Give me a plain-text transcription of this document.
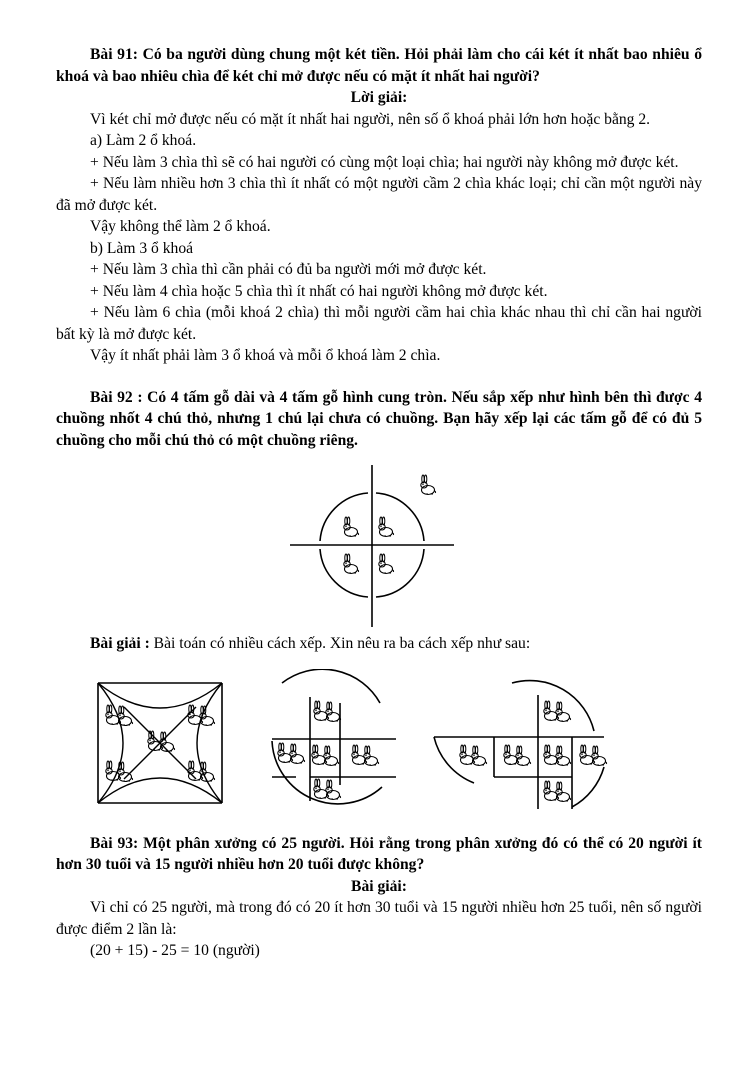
Bài 91: Có ba người dùng chung một két tiền. Hỏi phải làm cho cái két ít nhất bao nhiêu ổ khoá và bao nhiêu chìa để két chỉ mở được nếu có mặt ít nhất hai người?

Lời giải:

Vì két chỉ mở được nếu có mặt ít nhất hai người, nên số ổ khoá phải lớn hơn hoặc bằng 2.

a) Làm 2 ổ khoá.

+ Nếu làm 3 chìa thì sẽ có hai người có cùng một loại chìa; hai người này không mở được két.

+ Nếu làm nhiều hơn 3 chìa thì ít nhất có một người cầm 2 chìa khác loại; chỉ cần một người này đã mở được két.

Vậy không thể làm 2 ổ khoá.

b) Làm 3 ổ khoá

+ Nếu làm 3 chìa thì cần phải có đủ ba người mới mở được két.

+ Nếu làm 4 chìa hoặc 5 chìa thì ít nhất có hai người không mở được két.

+ Nếu làm 6 chìa (mỗi khoá 2 chìa) thì mỗi người cầm hai chìa khác nhau thì chỉ cần hai người bất kỳ là mở được két.

Vậy ít nhất phải làm 3 ổ khoá và mỗi ổ khoá làm 2 chìa.

Bài 92 : Có 4 tấm gỗ dài và 4 tấm gỗ hình cung tròn. Nếu sắp xếp như hình bên thì được 4 chuồng nhốt 4 chú thỏ, nhưng 1 chú lại chưa có chuồng. Bạn hãy xếp lại các tấm gỗ để có đủ 5 chuồng cho mỗi chú thỏ có một chuồng riêng.

Bài giải : Bài toán có nhiều cách xếp. Xin nêu ra ba cách xếp như sau:

Bài 93: Một phân xưởng có 25 người. Hỏi rằng trong phân xưởng đó có thể có 20 người ít hơn 30 tuổi và 15 người nhiều hơn 20 tuổi được không?

Bài giải:

Vì chỉ có 25 người, mà trong đó có 20 ít hơn 30 tuổi và 15 người nhiều hơn 25 tuổi, nên số người được điểm 2 lần là:

(20 + 15) - 25 = 10 (người)
